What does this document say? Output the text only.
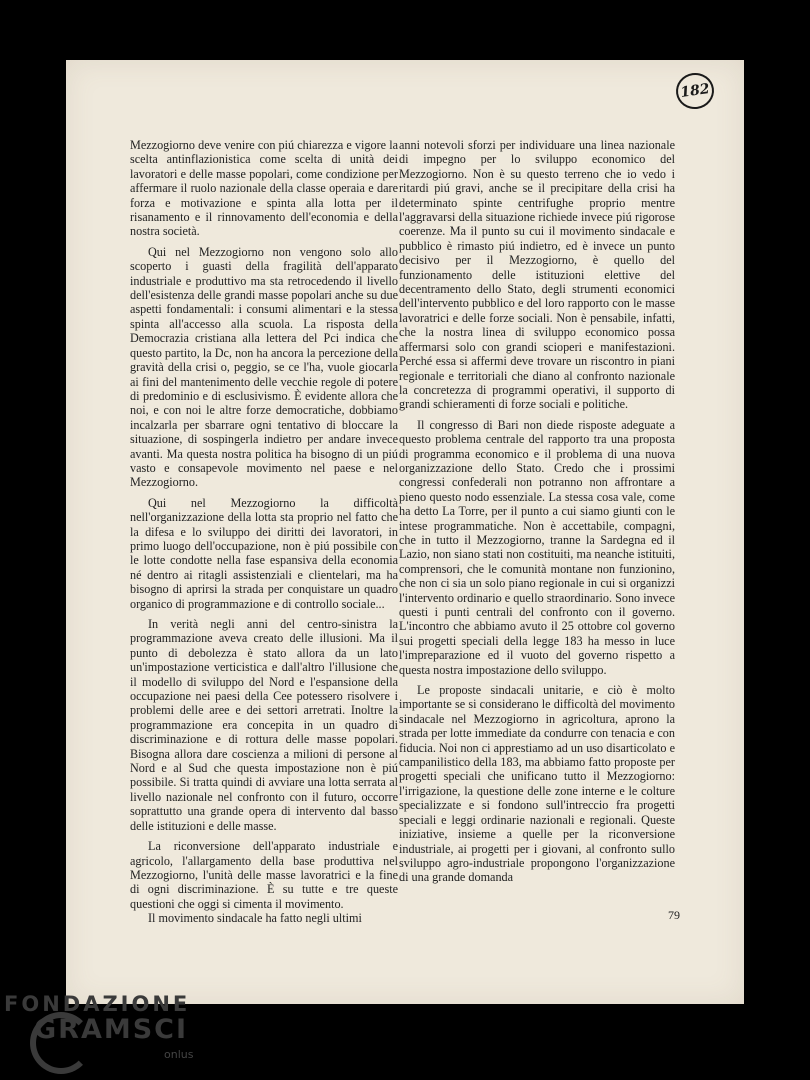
182

Mezzogiorno deve venire con piú chiarezza e vigore la scelta antinflazionistica come scelta di unità dei lavoratori e delle masse popolari, come condizione per affermare il ruolo nazionale della classe operaia e dare forza e motivazione e spinta alla lotta per il risanamento e il rinnovamento dell'economia e della nostra società.

Qui nel Mezzogiorno non vengono solo allo scoperto i guasti della fragilità dell'apparato industriale e produttivo ma sta retrocedendo il livello dell'esistenza delle grandi masse popolari anche su due aspetti fondamentali: i consumi alimentari e la stessa spinta all'accesso alla scuola. La risposta della Democrazia cristiana alla lettera del Pci indica che questo partito, la Dc, non ha ancora la percezione della gravità della crisi o, peggio, se ce l'ha, vuole giocarla ai fini del mantenimento delle vecchie regole di potere di predominio e di esclusivismo. È evidente allora che noi, e con noi le altre forze democratiche, dobbiamo incalzarla per sbarrare ogni tentativo di bloccare la situazione, di sospingerla indietro per andare invece avanti. Ma questa nostra politica ha bisogno di un piú vasto e consapevole movimento nel paese e nel Mezzogiorno.

Qui nel Mezzogiorno la difficoltà nell'organizzazione della lotta sta proprio nel fatto che la difesa e lo sviluppo dei diritti dei lavoratori, in primo luogo dell'occupazione, non è piú possibile con le lotte condotte nella fase espansiva della economia né dentro ai ritagli assistenziali e clientelari, ma ha bisogno di aprirsi la strada per conquistare un quadro organico di programmazione e di controllo sociale...

In verità negli anni del centro-sinistra la programmazione aveva creato delle illusioni. Ma il punto di debolezza è stato allora da un lato un'impostazione verticistica e dall'altro l'illusione che il modello di sviluppo del Nord e l'espansione della occupazione nei paesi della Cee potessero risolvere i problemi delle aree e dei settori arretrati. Inoltre la programmazione era concepita in un quadro di discriminazione e di rottura delle masse popolari. Bisogna allora dare coscienza a milioni di persone al Nord e al Sud che questa impostazione non è piú possibile. Si tratta quindi di avviare una lotta serrata al livello nazionale nel confronto con il futuro, occorre soprattutto una grande opera di intervento dal basso delle istituzioni e delle masse.

La riconversione dell'apparato industriale e agricolo, l'allargamento della base produttiva nel Mezzogiorno, l'unità delle masse lavoratrici e la fine di ogni discriminazione. È su tutte e tre queste questioni che oggi si cimenta il movimento.

Il movimento sindacale ha fatto negli ultimi

anni notevoli sforzi per individuare una linea nazionale di impegno per lo sviluppo economico del Mezzogiorno. Non è su questo terreno che io vedo i ritardi piú gravi, anche se il precipitare della crisi ha determinato spinte centrifughe proprio mentre l'aggravarsi della situazione richiede invece piú rigorose coerenze. Ma il punto su cui il movimento sindacale e pubblico è rimasto piú indietro, ed è invece un punto decisivo per il Mezzogiorno, è quello del funzionamento delle istituzioni elettive del decentramento dello Stato, degli strumenti economici dell'intervento pubblico e del loro rapporto con le masse lavoratrici e delle forze sociali. Non è pensabile, infatti, che la nostra linea di sviluppo economico possa affermarsi solo con grandi scioperi e manifestazioni. Perché essa si affermi deve trovare un riscontro in piani regionale e territoriali che diano al confronto nazionale la concretezza di programmi operativi, il supporto di grandi schieramenti di forze sociali e politiche.

Il congresso di Bari non diede risposte adeguate a questo problema centrale del rapporto tra una proposta di programma economico e il problema di una nuova organizzazione dello Stato. Credo che i prossimi congressi confederali non potranno non affrontare a pieno questo nodo essenziale. La stessa cosa vale, come ha detto La Torre, per il punto a cui siamo giunti con le intese programmatiche. Non è accettabile, compagni, che in tutto il Mezzogiorno, tranne la Sardegna ed il Lazio, non siano stati non costituiti, ma neanche istituiti, comprensori, che le comunità montane non funzionino, che non ci sia un solo piano regionale in cui si organizzi l'intervento ordinario e quello straordinario. Sono invece questi i punti centrali del confronto con il governo. L'incontro che abbiamo avuto il 25 ottobre col governo sui progetti speciali della legge 183 ha messo in luce l'impreparazione ed il vuoto del governo rispetto a questa nostra impostazione dello sviluppo.

Le proposte sindacali unitarie, e ciò è molto importante se si considerano le difficoltà del movimento sindacale nel Mezzogiorno in agricoltura, aprono la strada per lotte immediate da condurre con tenacia e con fiducia. Noi non ci apprestiamo ad un uso disarticolato e campanilistico della 183, ma abbiamo fatto proposte per progetti speciali che unificano tutto il Mezzogiorno: l'irrigazione, la questione delle zone interne e le colture specializzate e si fondono sull'intreccio fra progetti speciali e leggi ordinarie nazionali e regionali. Queste iniziative, insieme a quelle per la riconversione industriale, ai progetti per i giovani, al confronto sullo sviluppo agro-industriale propongono l'organizzazione di una grande domanda

79
FONDAZIONE
GRAMSCI
onlus
